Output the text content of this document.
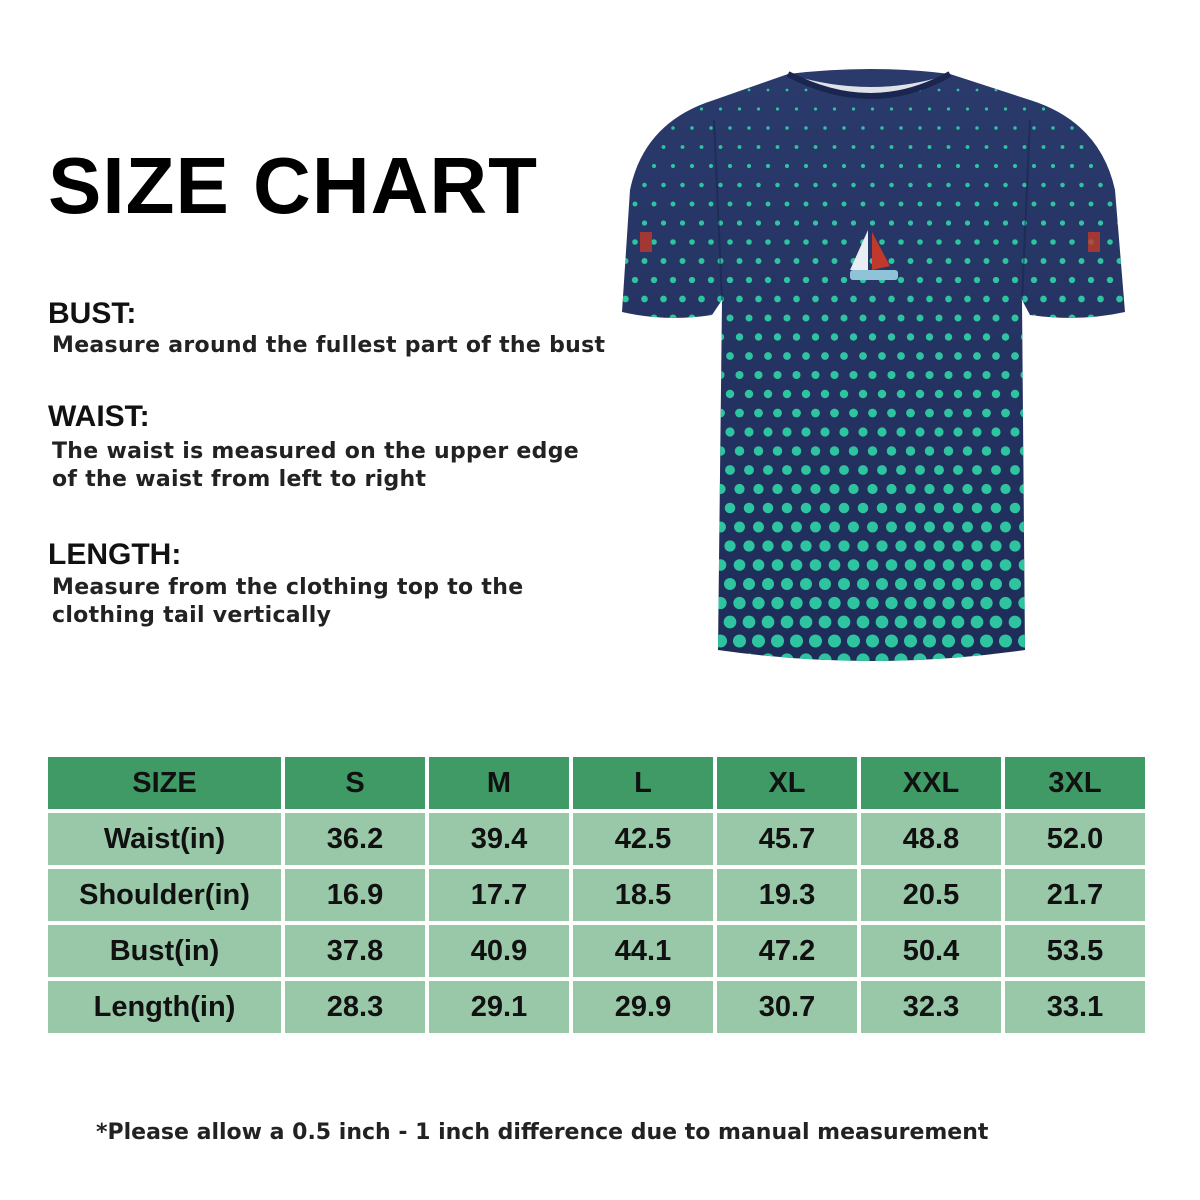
SIZE CHART
BUST:
Measure around the fullest part of the bust
WAIST:
The waist is measured on the upper edge of the waist from left to right
LENGTH:
Measure from the clothing top to the clothing tail vertically
SIZE	S	M	L	XL	XXL	3XL
Waist(in)	36.2	39.4	42.5	45.7	48.8	52.0
Shoulder(in)	16.9	17.7	18.5	19.3	20.5	21.7
Bust(in)	37.8	40.9	44.1	47.2	50.4	53.5
Length(in)	28.3	29.1	29.9	30.7	32.3	33.1
*Please allow a 0.5 inch - 1 inch difference due to manual measurement
